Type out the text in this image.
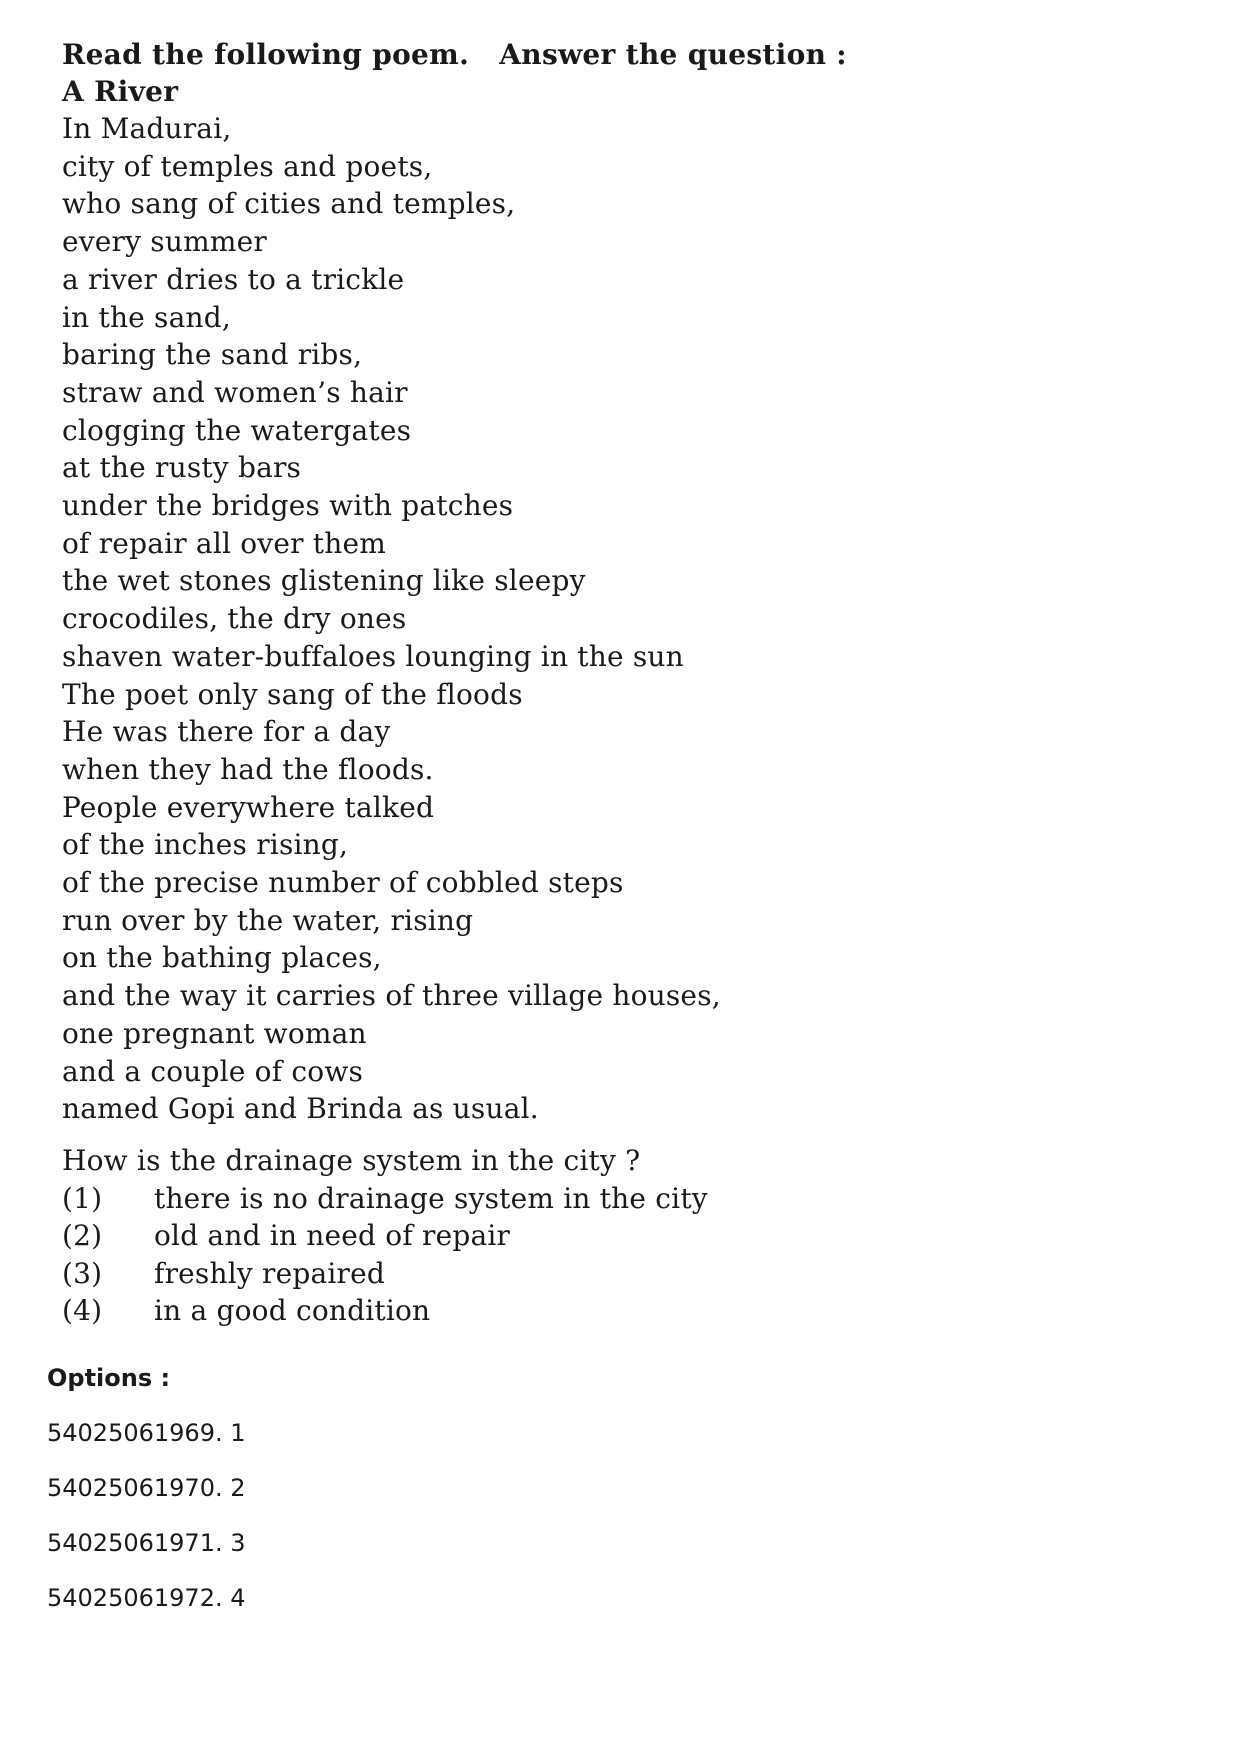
Read the following poem.   Answer the question :
A River
In Madurai,
city of temples and poets,
who sang of cities and temples,
every summer
a river dries to a trickle
in the sand,
baring the sand ribs,
straw and women’s hair
clogging the watergates
at the rusty bars
under the bridges with patches
of repair all over them
the wet stones glistening like sleepy
crocodiles, the dry ones
shaven water-buffaloes lounging in the sun
The poet only sang of the floods
He was there for a day
when they had the floods.
People everywhere talked
of the inches rising,
of the precise number of cobbled steps
run over by the water, rising
on the bathing places,
and the way it carries of three village houses,
one pregnant woman
and a couple of cows
named Gopi and Brinda as usual.
How is the drainage system in the city ?
(1)	there is no drainage system in the city
(2)	old and in need of repair
(3)	freshly repaired
(4)	in a good condition
Options :
54025061969. 1
54025061970. 2
54025061971. 3
54025061972. 4
